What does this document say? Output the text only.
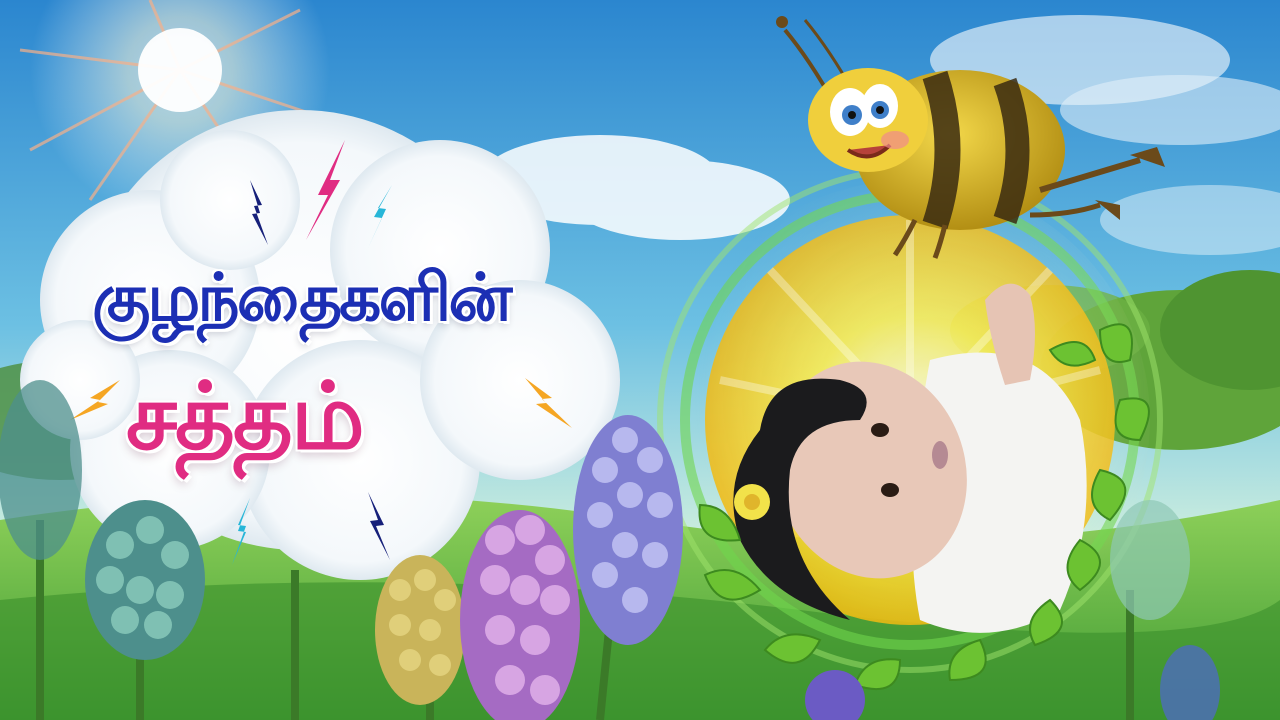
குழந்தைகளின்
சத்தம்
